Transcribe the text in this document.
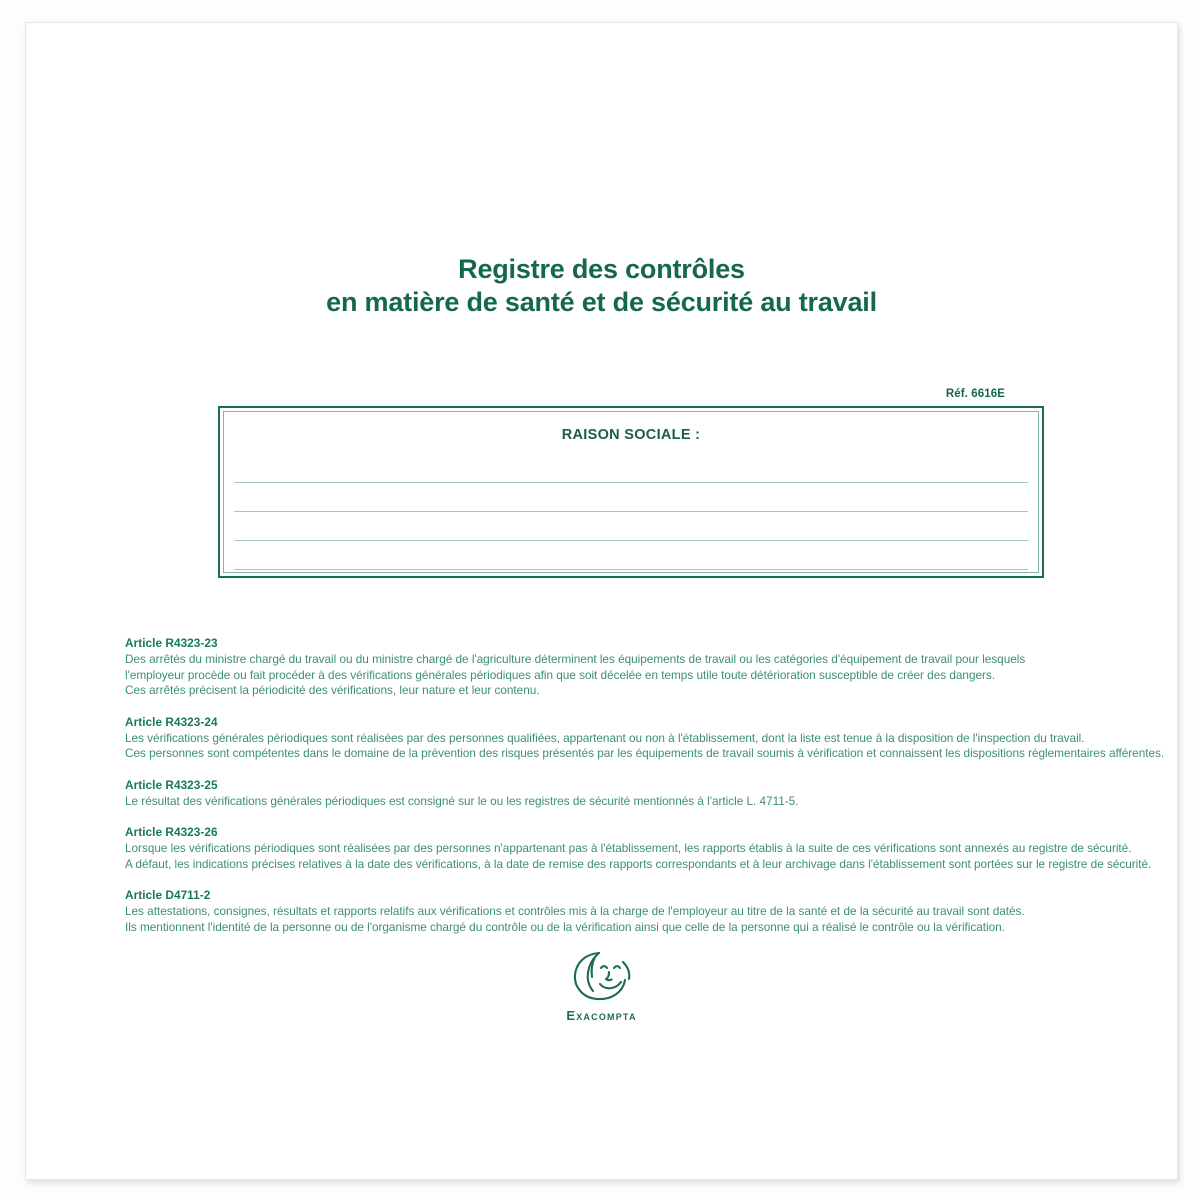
Registre des contrôles
en matière de santé et de sécurité au travail
Réf. 6616E
RAISON SOCIALE :
Article R4323-23
Des arrêtés du ministre chargé du travail ou du ministre chargé de l'agriculture déterminent les équipements de travail ou les catégories d'équipement de travail pour lesquels
l'employeur procède ou fait procéder à des vérifications générales périodiques afin que soit décelée en temps utile toute détérioration susceptible de créer des dangers.
Ces arrêtés précisent la périodicité des vérifications, leur nature et leur contenu.
Article R4323-24
Les vérifications générales périodiques sont réalisées par des personnes qualifiées, appartenant ou non à l'établissement, dont la liste est tenue à la disposition de l'inspection du travail.
Ces personnes sont compétentes dans le domaine de la prévention des risques présentés par les équipements de travail soumis à vérification et connaissent les dispositions réglementaires afférentes.
Article R4323-25
Le résultat des vérifications générales périodiques est consigné sur le ou les registres de sécurité mentionnés à l'article L. 4711-5.
Article R4323-26
Lorsque les vérifications périodiques sont réalisées par des personnes n'appartenant pas à l'établissement, les rapports établis à la suite de ces vérifications sont annexés au registre de sécurité.
A défaut, les indications précises relatives à la date des vérifications, à la date de remise des rapports correspondants et à leur archivage dans l'établissement sont portées sur le registre de sécurité.
Article D4711-2
Les attestations, consignes, résultats et rapports relatifs aux vérifications et contrôles mis à la charge de l'employeur au titre de la santé et de la sécurité au travail sont datés.
Ils mentionnent l'identité de la personne ou de l'organisme chargé du contrôle ou de la vérification ainsi que celle de la personne qui a réalisé le contrôle ou la vérification.
Exacompta
